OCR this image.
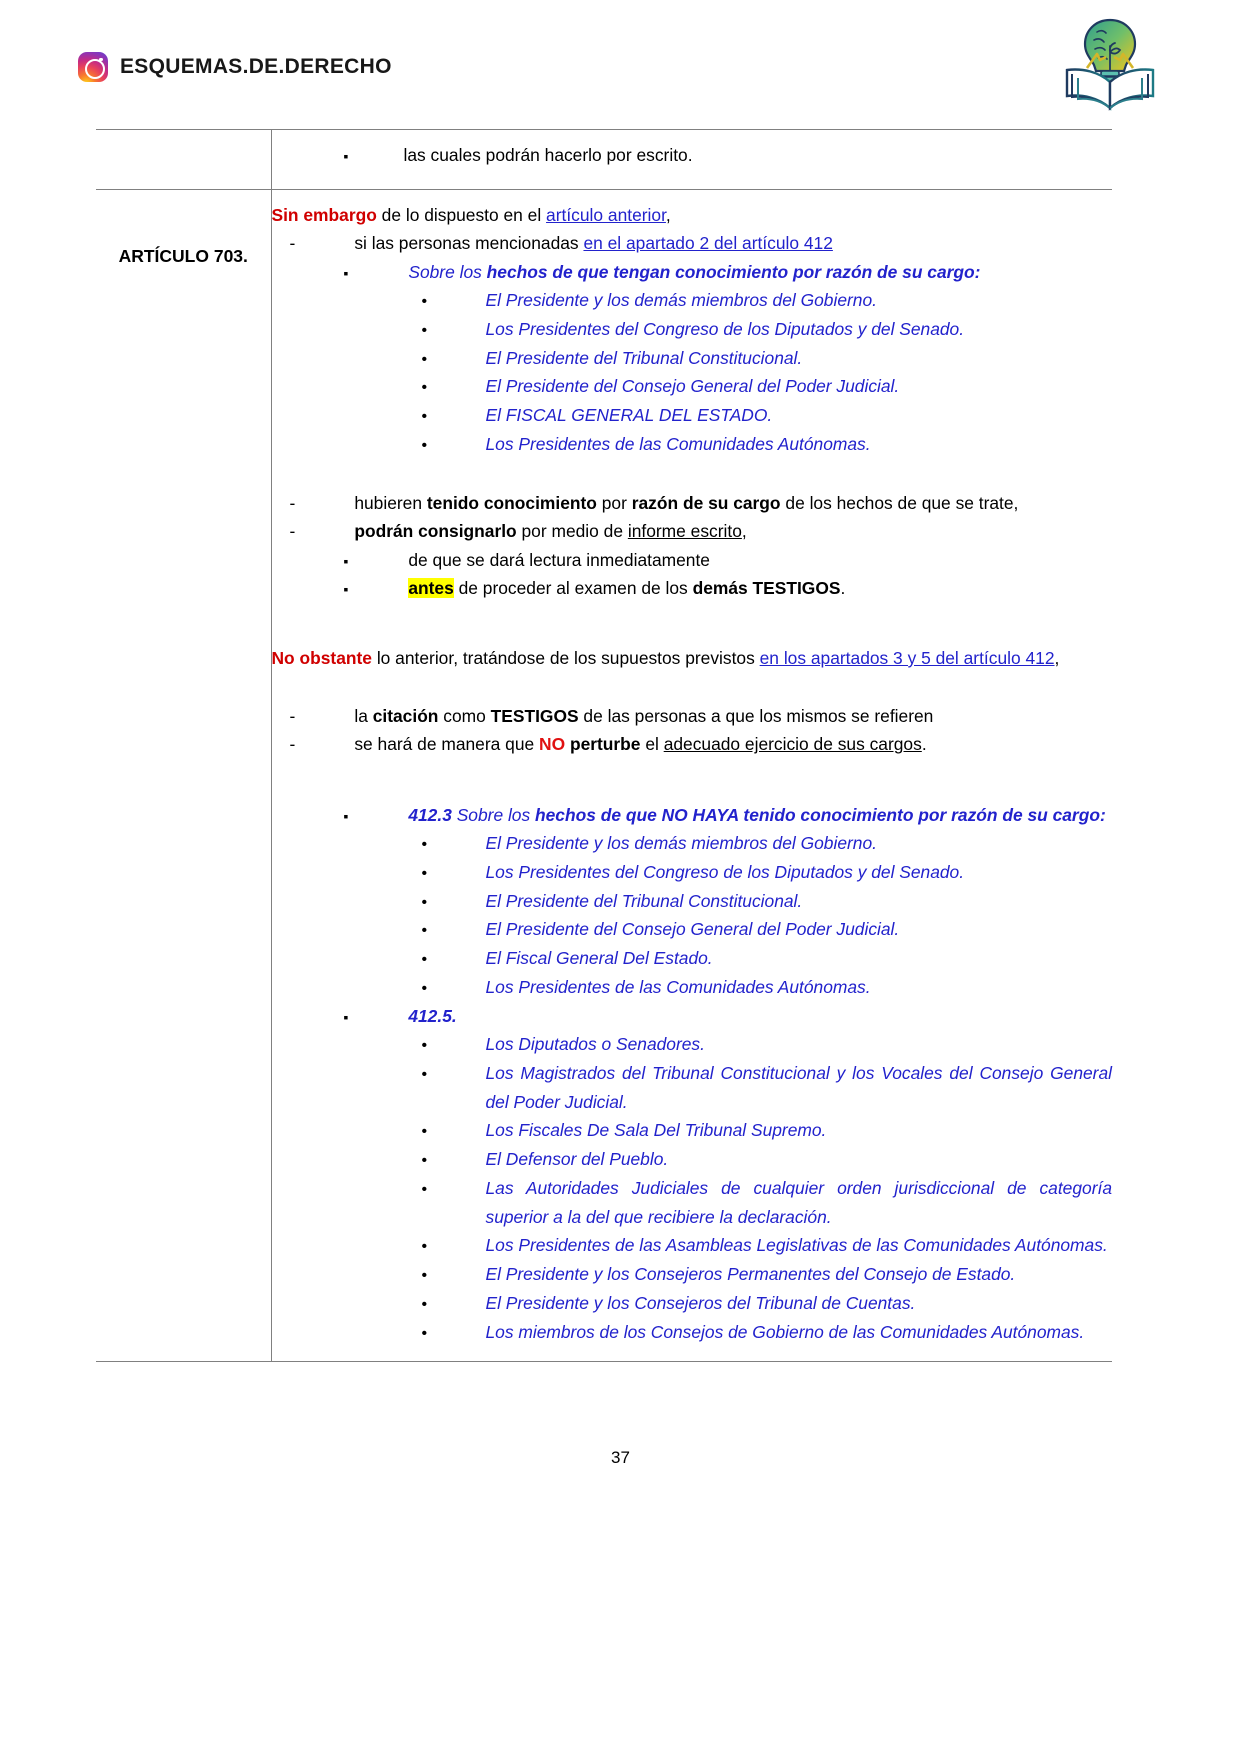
ESQUEMAS.DE.DERECHO

	▪ las cuales podrán hacerlo por escrito.

ARTÍCULO 703.

Sin embargo de lo dispuesto en el artículo anterior,
- si las personas mencionadas en el apartado 2 del artículo 412
▪ Sobre los hechos de que tengan conocimiento por razón de su cargo:
• El Presidente y los demás miembros del Gobierno.
• Los Presidentes del Congreso de los Diputados y del Senado.
• El Presidente del Tribunal Constitucional.
• El Presidente del Consejo General del Poder Judicial.
• El FISCAL GENERAL DEL ESTADO.
• Los Presidentes de las Comunidades Autónomas.
- hubieren tenido conocimiento por razón de su cargo de los hechos de que se trate,
- podrán consignarlo por medio de informe escrito,
▪ de que se dará lectura inmediatamente
▪ antes de proceder al examen de los demás TESTIGOS.
No obstante lo anterior, tratándose de los supuestos previstos en los apartados 3 y 5 del artículo 412,
- la citación como TESTIGOS de las personas a que los mismos se refieren
- se hará de manera que NO perturbe el adecuado ejercicio de sus cargos.
▪ 412.3 Sobre los hechos de que NO HAYA tenido conocimiento por razón de su cargo:
• El Presidente y los demás miembros del Gobierno.
• Los Presidentes del Congreso de los Diputados y del Senado.
• El Presidente del Tribunal Constitucional.
• El Presidente del Consejo General del Poder Judicial.
• El Fiscal General Del Estado.
• Los Presidentes de las Comunidades Autónomas.
▪ 412.5.
• Los Diputados o Senadores.
• Los Magistrados del Tribunal Constitucional y los Vocales del Consejo General del Poder Judicial.
• Los Fiscales De Sala Del Tribunal Supremo.
• El Defensor del Pueblo.
• Las Autoridades Judiciales de cualquier orden jurisdiccional de categoría superior a la del que recibiere la declaración.
• Los Presidentes de las Asambleas Legislativas de las Comunidades Autónomas.
• El Presidente y los Consejeros Permanentes del Consejo de Estado.
• El Presidente y los Consejeros del Tribunal de Cuentas.
• Los miembros de los Consejos de Gobierno de las Comunidades Autónomas.
37
